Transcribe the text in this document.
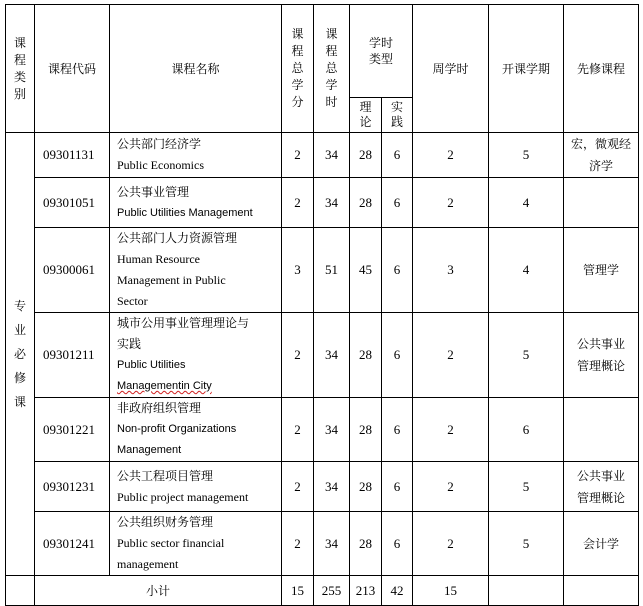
课程类别	课程代码	课程名称	课程总学分	课程总学时	学时类型		周学时	开课学期	先修课程

					理论	实践			

专业必修课	09301131	公共部门经济学
Public Economics	2	34	28	6	2	5	宏，微观经
济学

	09301051	公共事业管理
Public Utilities Management	2	34	28	6	2	4	
	09300061	公共部门人力资源管理
Human Resource
Management in Public
Sector	3	51	45	6	3	4	管理学

	09301211	城市公用事业管理理论与
实践
Public Utilities
Managementin City	2	34	28	6	2	5	公共事业
管理概论

	09301221	非政府组织管理
Non-profit Organizations
Management	2	34	28	6	2	6	
	09301231	公共工程项目管理
Public project management	2	34	28	6	2	5	公共事业
管理概论

	09301241	公共组织财务管理
Public sector financial
management	2	34	28	6	2	5	会计学

	小计		15	255	213	42	15		
